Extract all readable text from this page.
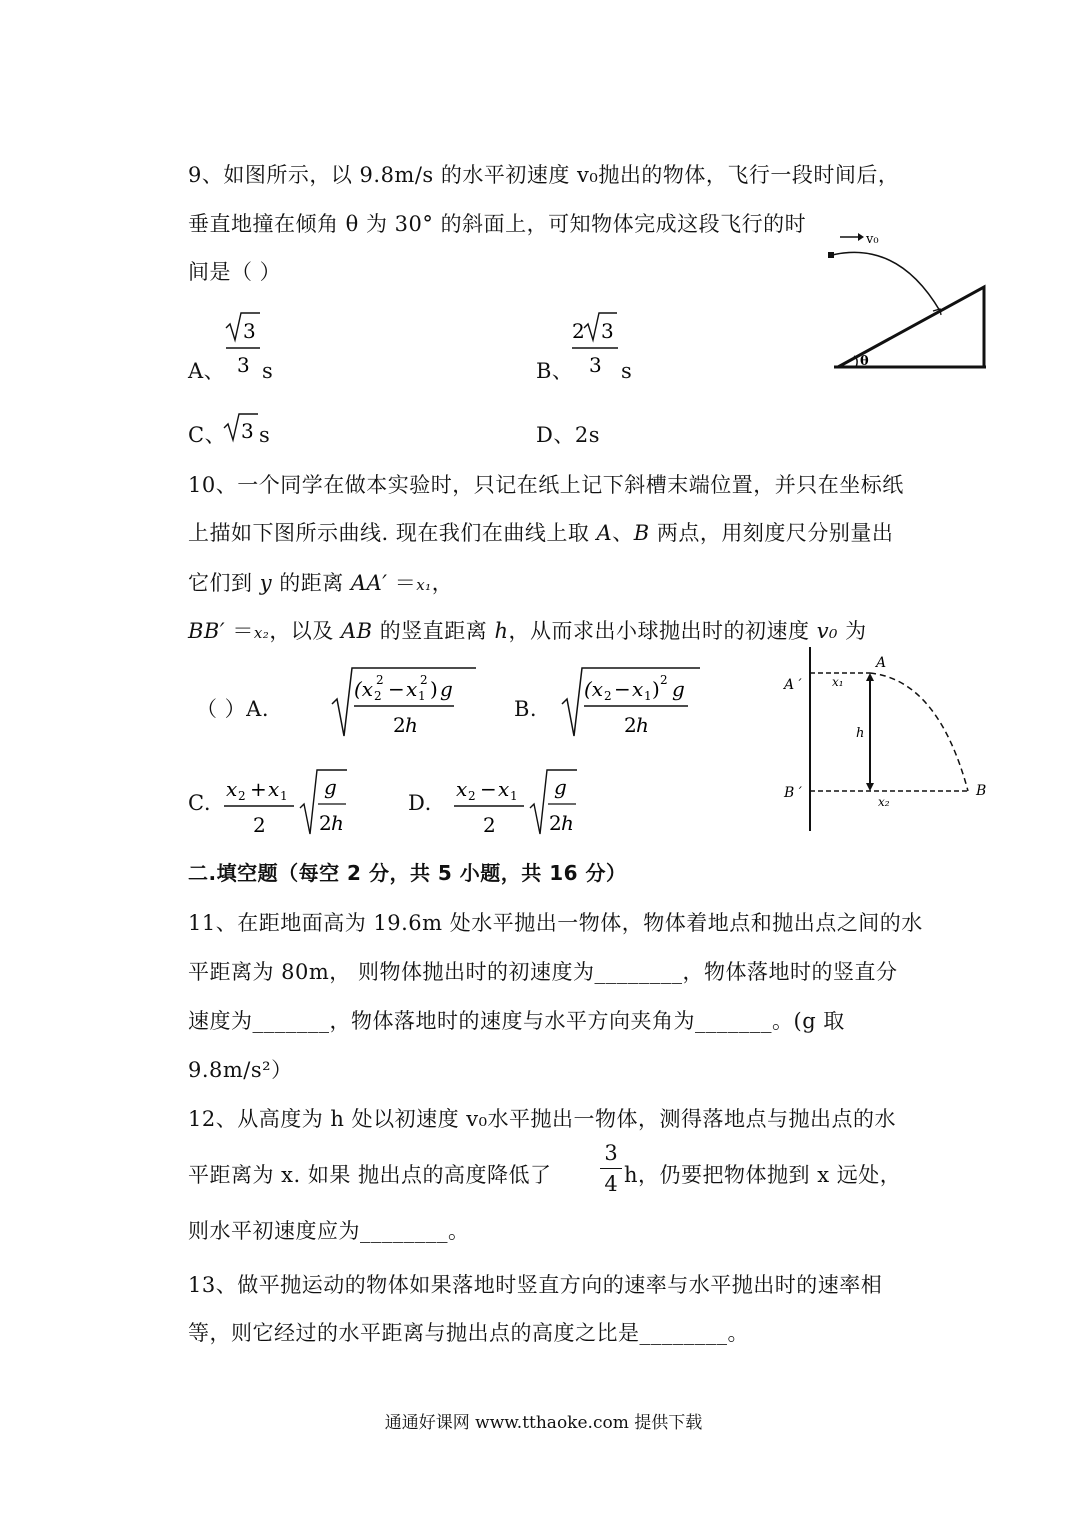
9、如图所示，以 9.8m/s 的水平初速度 v₀抛出的物体，飞行一段时间后，
垂直地撞在倾角 θ 为 30° 的斜面上，可知物体完成这段飞行的时
间是（ ）
A、
3
3 s	B、
2 3
3 s
C、 3 s	D、2s
v₀
θ
10、一个同学在做本实验时，只记在纸上记下斜槽末端位置，并只在坐标纸
上描如下图所示曲线. 现在我们在曲线上取 A、B 两点，用刻度尺分别量出
它们到 y 的距离 AA′ ＝x₁，
BB′ ＝x₂，以及 AB 的竖直距离 h，从而求出小球抛出时的初速度 v₀ 为
（ ）A.
(x 2
2 − x 1
2 ) g
2 h
B.
(x 2 − x 1 ) 2 g
2 h
C.
x 2 + x 1
2
g
2 h
D.
x 2 − x 1
2
g
2 h
A
A ′	x₁
h
B ′
x₂
B
二.填空题（每空 2 分，共 5 小题，共 16 分）
11、在距地面高为 19.6m 处水平抛出一物体，物体着地点和抛出点之间的水
平距离为 80m， 则物体抛出时的初速度为________，物体落地时的竖直分
速度为_______，物体落地时的速度与水平方向夹角为_______。(g 取
9.8m/s²）
12、从高度为 h 处以初速度 v₀水平抛出一物体，测得落地点与抛出点的水
平距离为 x. 如果 抛出点的高度降低了
3
4 h，仍要把物体抛到 x 远处，
则水平初速度应为________。
13、做平抛运动的物体如果落地时竖直方向的速率与水平抛出时的速率相
等，则它经过的水平距离与抛出点的高度之比是________。
通通好课网 www.tthaoke.com 提供下载
